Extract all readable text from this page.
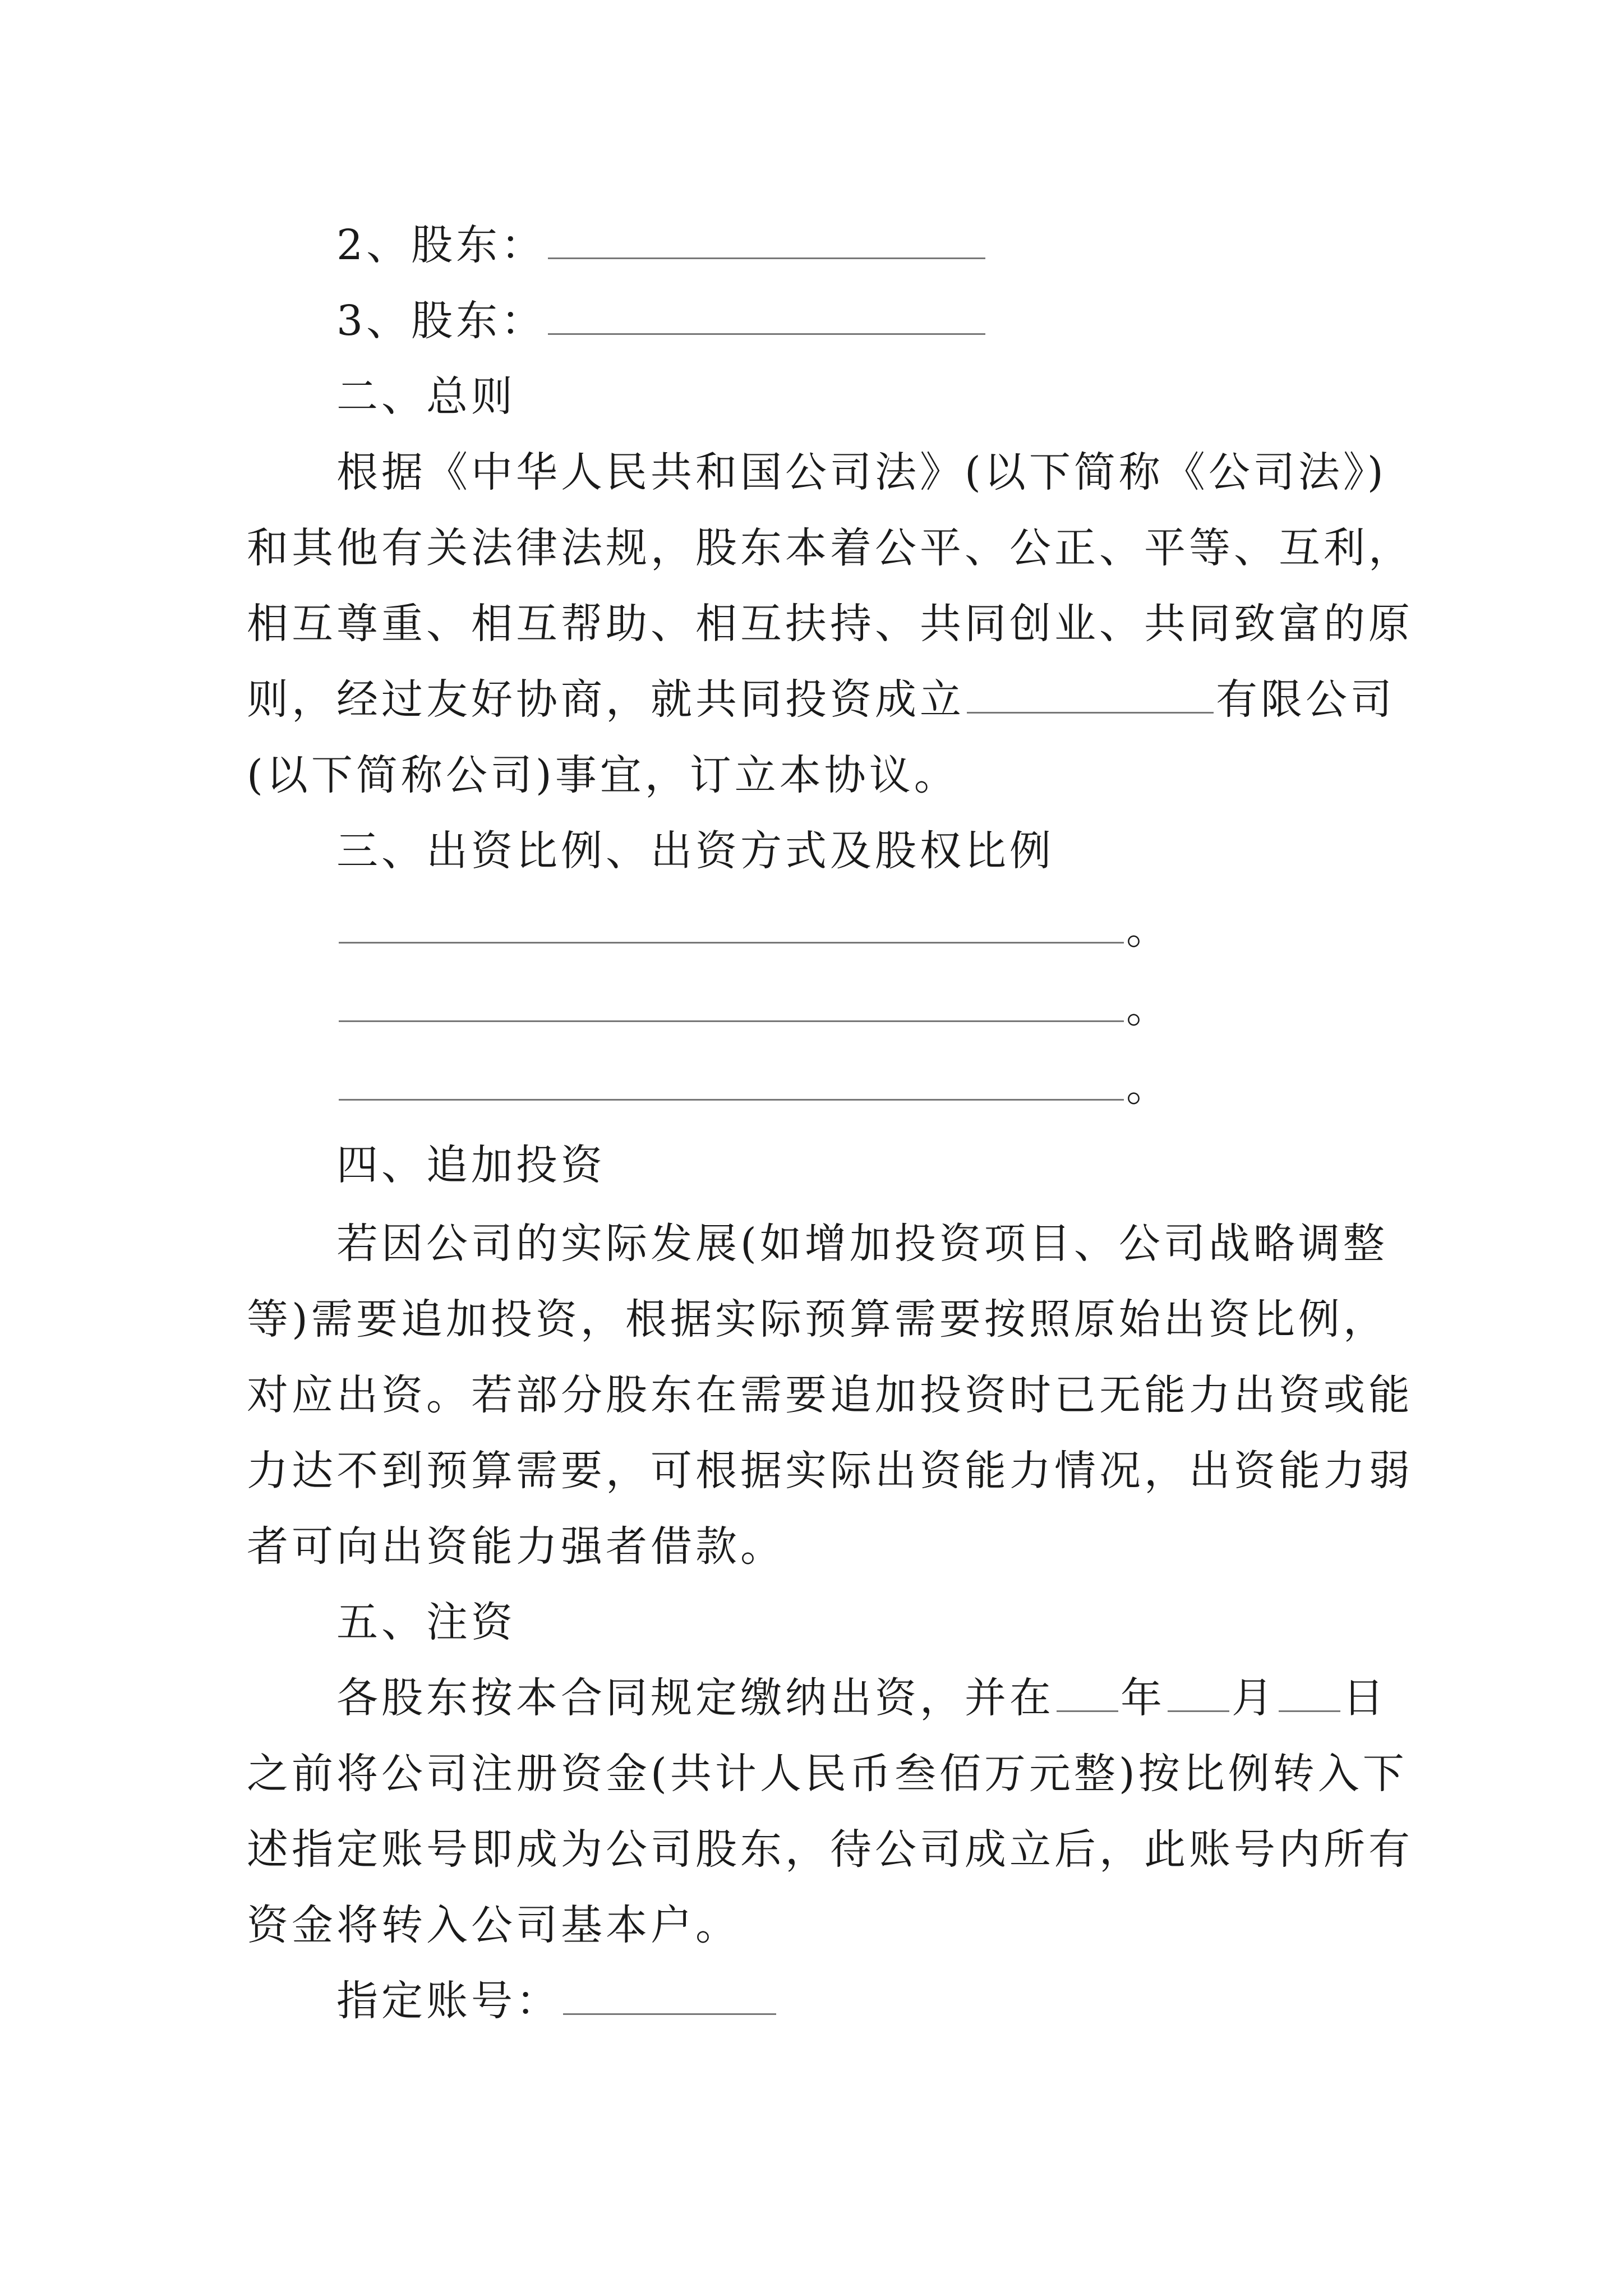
2、股东：
3、股东：
二、总则
根据《中华人民共和国公司法》(以下简称《公司法》)
和其他有关法律法规，股东本着公平、公正、平等、互利，
相互尊重、相互帮助、相互扶持、共同创业、共同致富的原
则，经过友好协商，就共同投资成立	有限公司
(以下简称公司)事宜，订立本协议。
三、出资比例、出资方式及股权比例
。
。
。
四、追加投资
若因公司的实际发展(如增加投资项目、公司战略调整
等)需要追加投资，根据实际预算需要按照原始出资比例，
对应出资。若部分股东在需要追加投资时已无能力出资或能
力达不到预算需要，可根据实际出资能力情况，出资能力弱
者可向出资能力强者借款。
五、注资
各股东按本合同规定缴纳出资，并在 年 月 日
之前将公司注册资金(共计人民币叁佰万元整)按比例转入下
述指定账号即成为公司股东，待公司成立后，此账号内所有
资金将转入公司基本户。
指定账号：
